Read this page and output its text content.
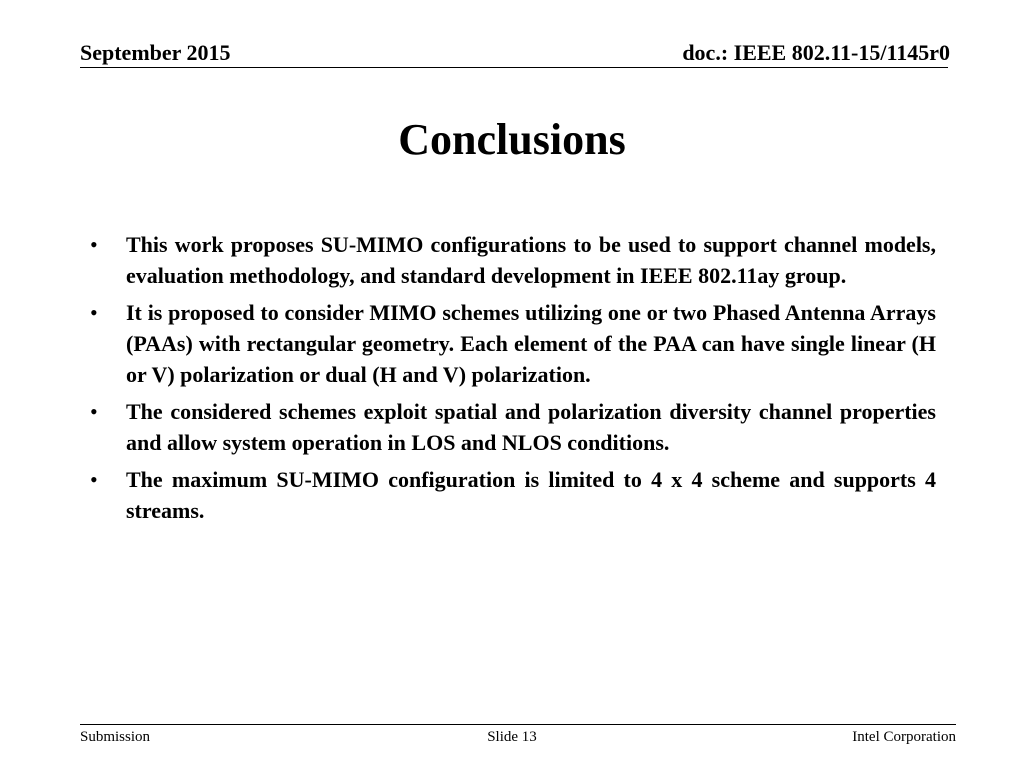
September 2015	doc.: IEEE 802.11-15/1145r0
Conclusions
• This work proposes SU-MIMO configurations to be used to support channel models, evaluation methodology, and standard development in IEEE 802.11ay group.
• It is proposed to consider MIMO schemes utilizing one or two Phased Antenna Arrays (PAAs) with rectangular geometry. Each element of the PAA can have single linear (H or V) polarization or dual (H and V) polarization.
• The considered schemes exploit spatial and polarization diversity channel properties and allow system operation in LOS and NLOS conditions.
• The maximum SU-MIMO configuration is limited to 4 x 4 scheme and supports 4 streams.
Submission	Slide 13	Intel Corporation
